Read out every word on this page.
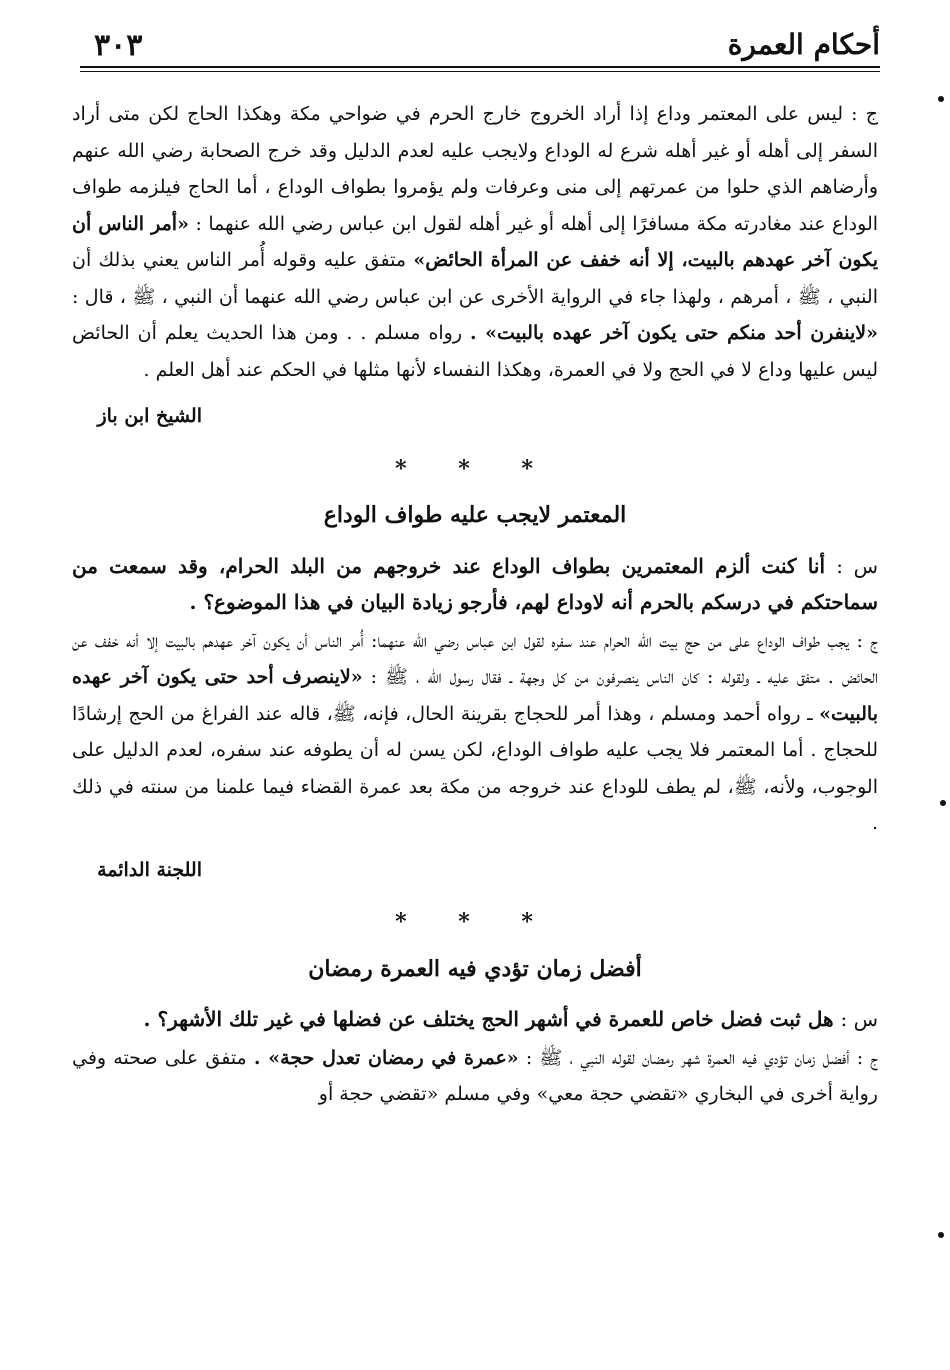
٣٠٣	أحكام العمرة

ج : ليس على المعتمر وداع إذا أراد الخروج خارج الحرم في ضواحي مكة وهكذا الحاج لكن متى أراد السفر إلى أهله أو غير أهله شرع له الوداع ولايجب عليه لعدم الدليل وقد خرج الصحابة رضي الله عنهم وأرضاهم الذي حلوا من عمرتهم إلى منى وعرفات ولم يؤمروا بطواف الوداع ، أما الحاج فيلزمه طواف الوداع عند مغادرته مكة مسافرًا إلى أهله أو غير أهله لقول ابن عباس رضي الله عنهما : «أمر الناس أن يكون آخر عهدهم بالبيت، إلا أنه خفف عن المرأة الحائض» متفق عليه وقوله أُمر الناس يعني بذلك أن النبي ، ﷺ ، أمرهم ، ولهذا جاء في الرواية الأخرى عن ابن عباس رضي الله عنهما أن النبي ، ﷺ ، قال : «لاينفرن أحد منكم حتى يكون آخر عهده بالبيت» . رواه مسلم . . ومن هذا الحديث يعلم أن الحائض ليس عليها وداع لا في الحج ولا في العمرة، وهكذا النفساء لأنها مثلها في الحكم عند أهل العلم .

الشيخ ابن باز

* * *
المعتمر لايجب عليه طواف الوداع

س : أنا كنت ألزم المعتمرين بطواف الوداع عند خروجهم من البلد الحرام، وقد سمعت من سماحتكم في درسكم بالحرم أنه لاوداع لهم، فأرجو زيادة البيان في هذا الموضوع؟ .

ج : يجب طواف الوداع على من حج بيت الله الحرام عند سفره لقول ابن عباس رضي الله عنهما: أُمر الناس أن يكون آخر عهدهم بالبيت إلا أنه خفف عن الحائض . متفق عليه ـ ولقوله : كان الناس ينصرفون من كل وجهة ـ فقال رسول الله ، ﷺ : «لاينصرف أحد حتى يكون آخر عهده بالبيت» ـ رواه أحمد ومسلم ، وهذا أمر للحجاج بقرينة الحال، فإنه، ﷺ، قاله عند الفراغ من الحج إرشادًا للحجاج . أما المعتمر فلا يجب عليه طواف الوداع، لكن يسن له أن يطوفه عند سفره، لعدم الدليل على الوجوب، ولأنه، ﷺ، لم يطف للوداع عند خروجه من مكة بعد عمرة القضاء فيما علمنا من سنته في ذلك .

اللجنة الدائمة

* * *
أفضل زمان تؤدي فيه العمرة رمضان

س : هل ثبت فضل خاص للعمرة في أشهر الحج يختلف عن فضلها في غير تلك الأشهر؟ .

ج : أفضل زمان تؤدي فيه العمرة شهر رمضان لقوله النبي ، ﷺ : «عمرة في رمضان تعدل حجة» . متفق على صحته وفي رواية أخرى في البخاري «تقضي حجة معي» وفي مسلم «تقضي حجة أو
